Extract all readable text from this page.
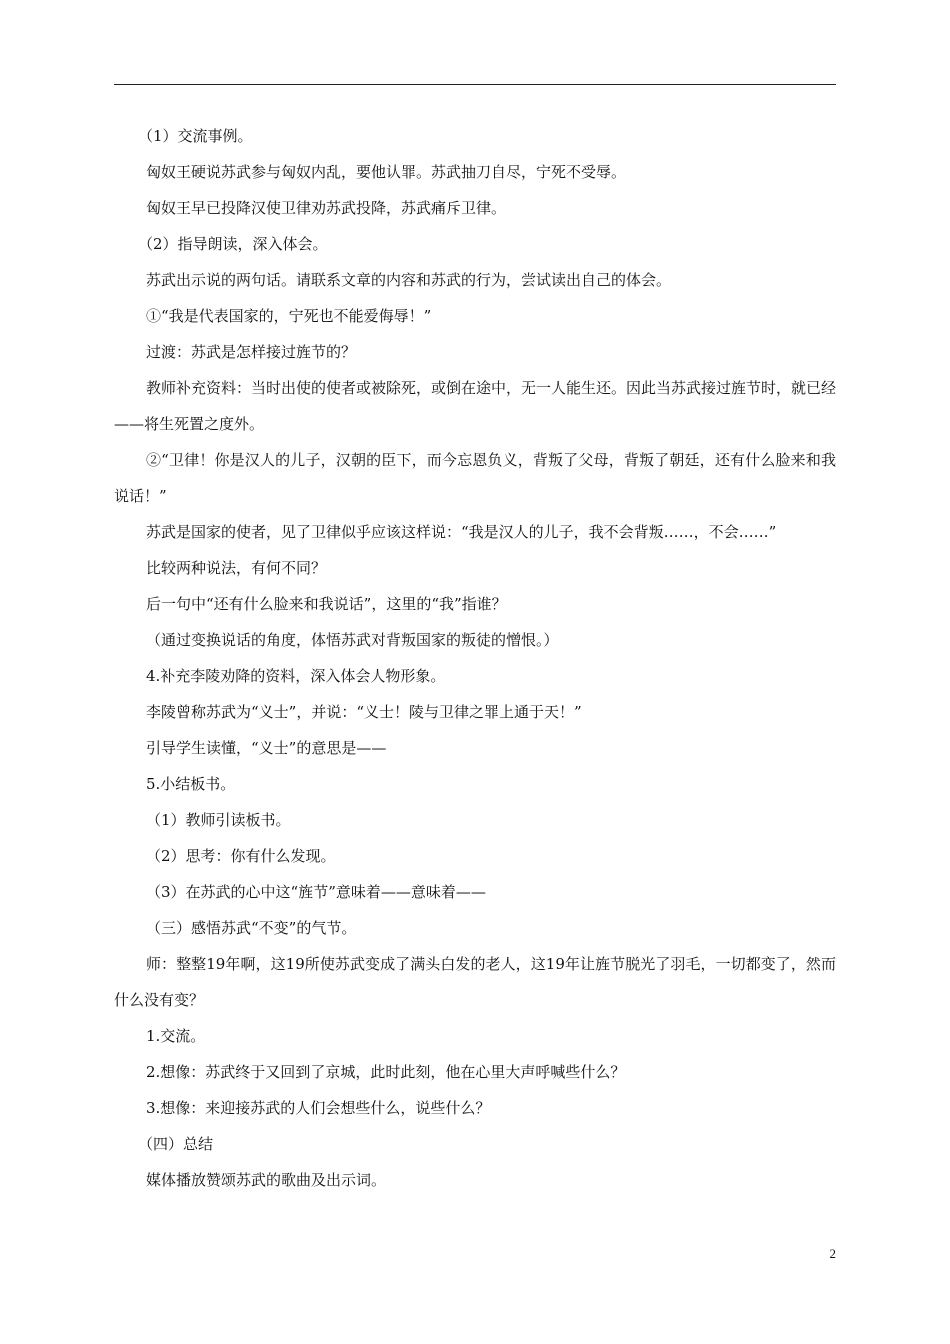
（1）交流事例。

匈奴王硬说苏武参与匈奴内乱，要他认罪。苏武抽刀自尽，宁死不受辱。

匈奴王早已投降汉使卫律劝苏武投降，苏武痛斥卫律。

（2）指导朗读，深入体会。

苏武出示说的两句话。请联系文章的内容和苏武的行为，尝试读出自己的体会。

①“我是代表国家的，宁死也不能爱侮辱！”

过渡：苏武是怎样接过旌节的？

教师补充资料：当时出使的使者或被除死，或倒在途中，无一人能生还。因此当苏武接过旌节时，就已经——将生死置之度外。

②“卫律！你是汉人的儿子，汉朝的臣下，而今忘恩负义，背叛了父母，背叛了朝廷，还有什么脸来和我说话！”

苏武是国家的使者，见了卫律似乎应该这样说：“我是汉人的儿子，我不会背叛……，不会……”

比较两种说法，有何不同？

后一句中“还有什么脸来和我说话”，这里的“我”指谁？

（通过变换说话的角度，体悟苏武对背叛国家的叛徒的憎恨。）

4.补充李陵劝降的资料，深入体会人物形象。

李陵曾称苏武为“义士”，并说：“义士！陵与卫律之罪上通于天！”

引导学生读懂，“义士”的意思是——

5.小结板书。

（1）教师引读板书。

（2）思考：你有什么发现。

（3）在苏武的心中这“旌节”意味着——意味着——

（三）感悟苏武“不变”的气节。

师：整整19年啊，这19所使苏武变成了满头白发的老人，这19年让旌节脱光了羽毛，一切都变了，然而什么没有变？

1.交流。

2.想像：苏武终于又回到了京城，此时此刻，他在心里大声呼喊些什么？

3.想像：来迎接苏武的人们会想些什么，说些什么？

（四）总结

媒体播放赞颂苏武的歌曲及出示词。

2
